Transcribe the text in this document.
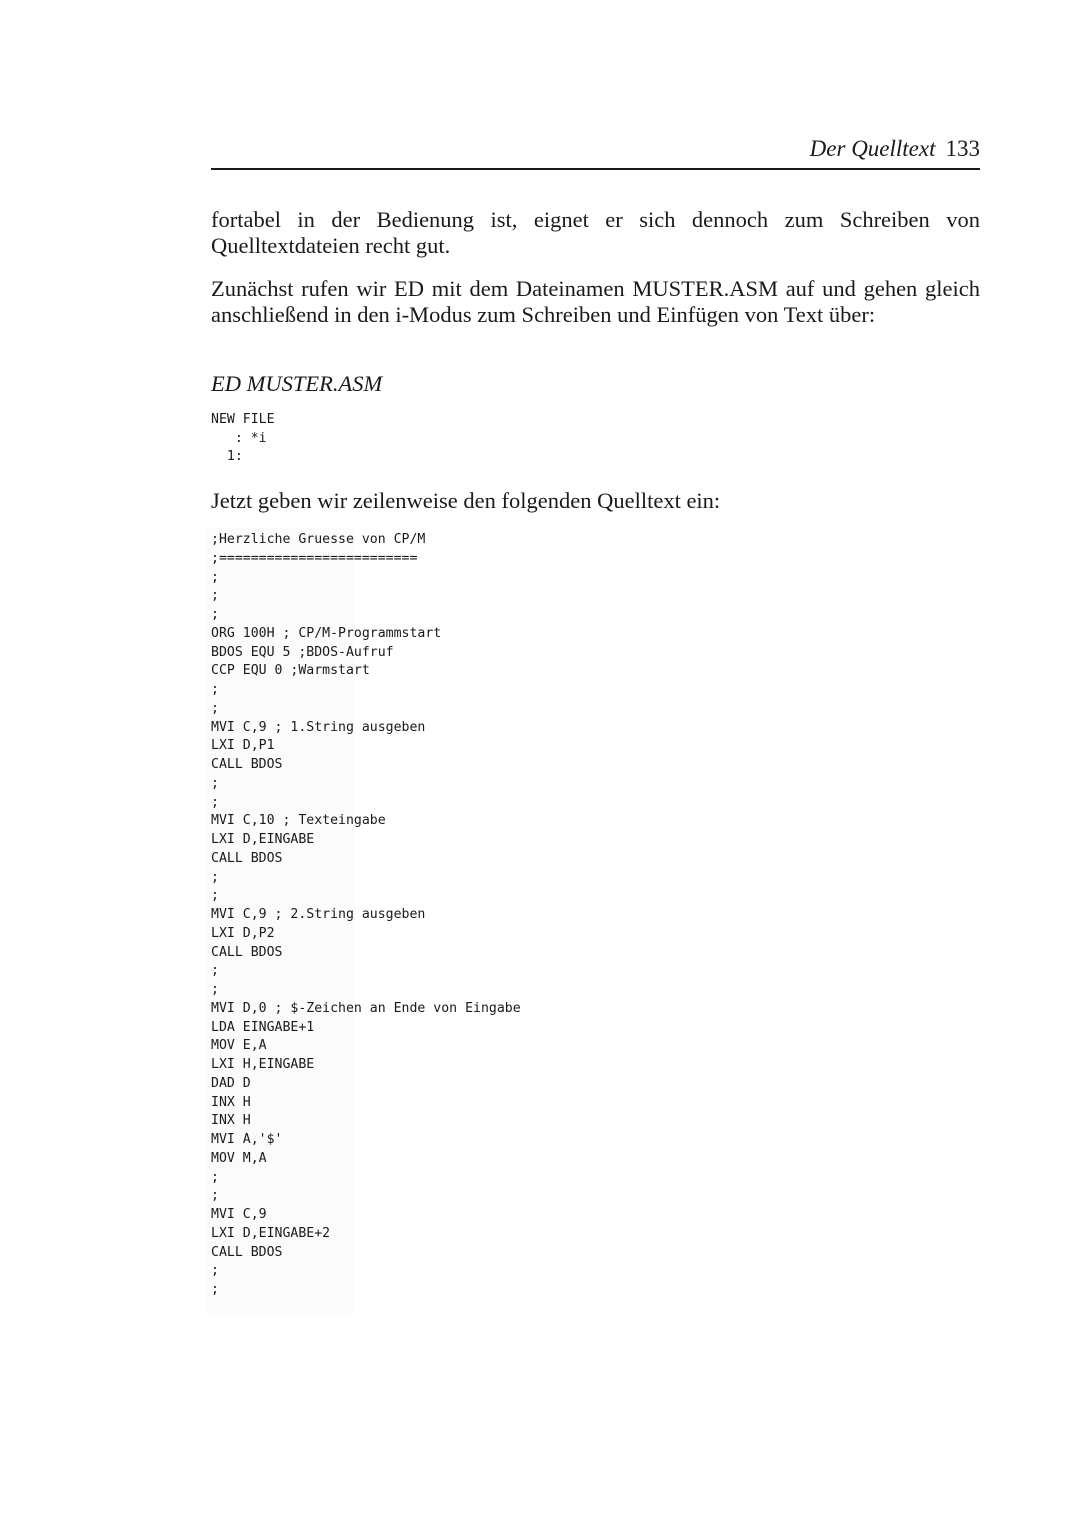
Der Quelltext 133

fortabel in der Bedienung ist, eignet er sich dennoch zum Schreiben von Quelltextdateien recht gut.

Zunächst rufen wir ED mit dem Dateinamen MUSTER.ASM auf und gehen gleich anschließend in den i-Modus zum Schreiben und Einfügen von Text über:

ED MUSTER.ASM

NEW FILE
: *i
1:

Jetzt geben wir zeilenweise den folgenden Quelltext ein:

;Herzliche Gruesse von CP/M
;=========================
;
;
;
ORG 100H ; CP/M-Programmstart
BDOS EQU 5 ;BDOS-Aufruf
CCP EQU 0 ;Warmstart
;
;
MVI C,9 ; 1.String ausgeben
LXI D,P1
CALL BDOS
;
;
MVI C,10 ; Texteingabe
LXI D,EINGABE
CALL BDOS
;
;
MVI C,9 ; 2.String ausgeben
LXI D,P2
CALL BDOS
;
;
MVI D,0 ; $-Zeichen an Ende von Eingabe
LDA EINGABE+1
MOV E,A
LXI H,EINGABE
DAD D
INX H
INX H
MVI A,'$'
MOV M,A
;
;
MVI C,9
LXI D,EINGABE+2
CALL BDOS
;
;
